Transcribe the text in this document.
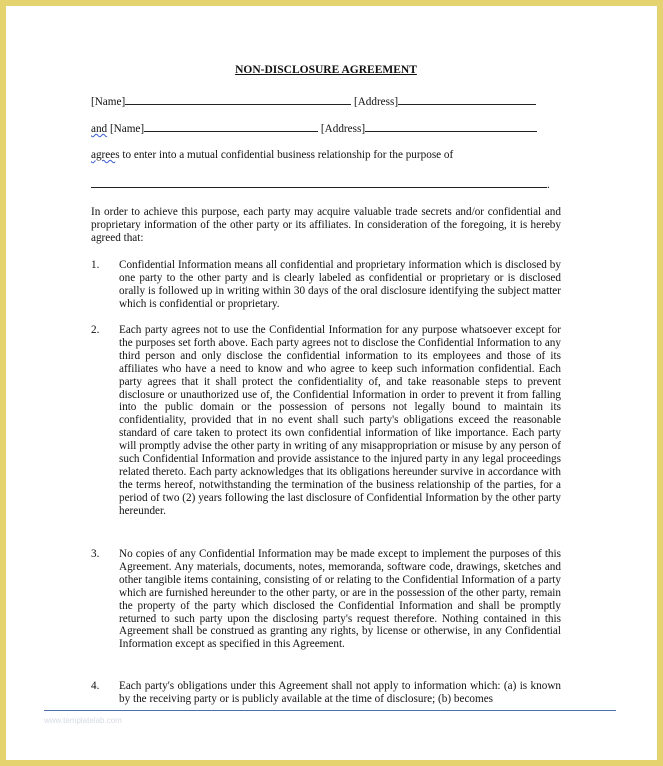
NON-DISCLOSURE AGREEMENT
[Name]	[Address]
and [Name]	[Address]
agrees to enter into a mutual confidential business relationship for the purpose of
.

In order to achieve this purpose, each party may acquire valuable trade secrets and/or confidential and proprietary information of the other party or its affiliates. In consideration of the foregoing, it is hereby agreed that:

1.	Confidential Information means all confidential and proprietary information which is disclosed by one party to the other party and is clearly labeled as confidential or proprietary or is disclosed orally is followed up in writing within 30 days of the oral disclosure identifying the subject matter which is confidential or proprietary.
2.	Each party agrees not to use the Confidential Information for any purpose whatsoever except for the purposes set forth above. Each party agrees not to disclose the Confidential Information to any third person and only disclose the confidential information to its employees and those of its affiliates who have a need to know and who agree to keep such information confidential. Each party agrees that it shall protect the confidentiality of, and take reasonable steps to prevent disclosure or unauthorized use of, the Confidential Information in order to prevent it from falling into the public domain or the possession of persons not legally bound to maintain its confidentiality, provided that in no event shall such party's obligations exceed the reasonable standard of care taken to protect its own confidential information of like importance. Each party will promptly advise the other party in writing of any misappropriation or misuse by any person of such Confidential Information and provide assistance to the injured party in any legal proceedings related thereto. Each party acknowledges that its obligations hereunder survive in accordance with the terms hereof, notwithstanding the termination of the business relationship of the parties, for a period of two (2) years following the last disclosure of Confidential Information by the other party hereunder.
3.	No copies of any Confidential Information may be made except to implement the purposes of this Agreement. Any materials, documents, notes, memoranda, software code, drawings, sketches and other tangible items containing, consisting of or relating to the Confidential Information of a party which are furnished hereunder to the other party, or are in the possession of the other party, remain the property of the party which disclosed the Confidential Information and shall be promptly returned to such party upon the disclosing party's request therefore. Nothing contained in this Agreement shall be construed as granting any rights, by license or otherwise, in any Confidential Information except as specified in this Agreement.
4.	Each party's obligations under this Agreement shall not apply to information which: (a) is known by the receiving party or is publicly available at the time of disclosure; (b) becomes
www.templatelab.com
